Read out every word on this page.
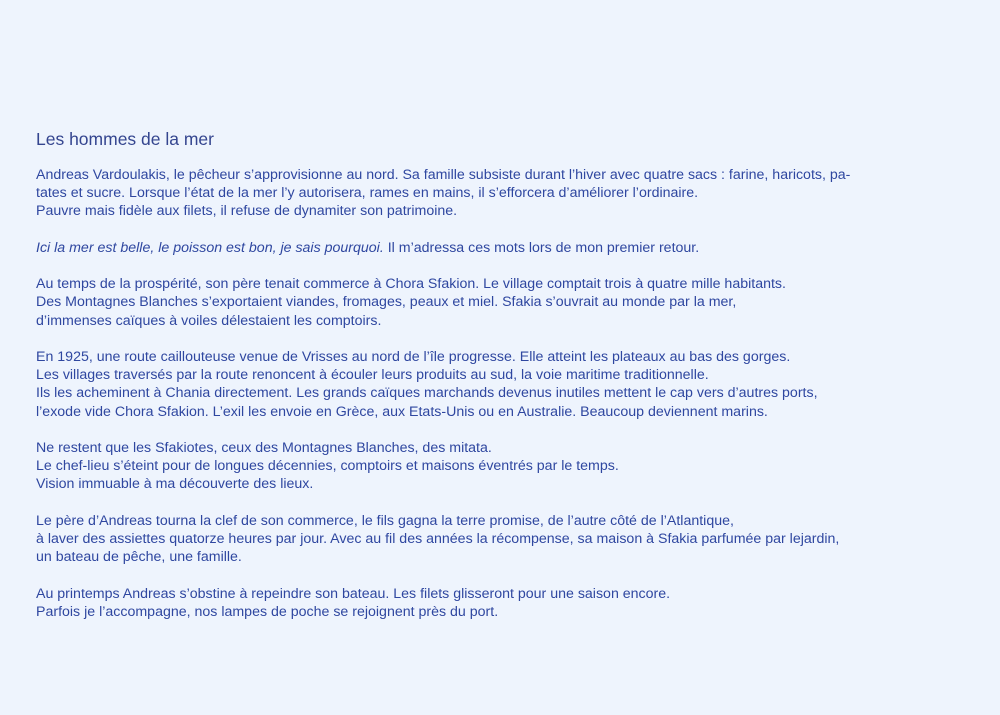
Les hommes de la mer

Andreas Vardoulakis, le pêcheur s’approvisionne au nord. Sa famille subsiste durant l’hiver avec quatre sacs : farine, haricots, pa-
tates et sucre. Lorsque l’état de la mer l’y autorisera, rames en mains, il s’efforcera d’améliorer l’ordinaire.
Pauvre mais fidèle aux filets, il refuse de dynamiter son patrimoine.

Ici la mer est belle, le poisson est bon, je sais pourquoi. Il m’adressa ces mots lors de mon premier retour.

Au temps de la prospérité, son père tenait commerce à Chora Sfakion. Le village comptait trois à quatre mille habitants.
Des Montagnes Blanches s’exportaient viandes, fromages, peaux et miel. Sfakia s’ouvrait au monde par la mer,
d’immenses caïques à voiles délestaient les comptoirs.

En 1925, une route caillouteuse venue de Vrisses au nord de l’île progresse. Elle atteint les plateaux au bas des gorges.
Les villages traversés par la route renoncent à écouler leurs produits au sud, la voie maritime traditionnelle.
Ils les acheminent à Chania directement. Les grands caïques marchands devenus inutiles mettent le cap vers d’autres ports,
l’exode vide Chora Sfakion. L’exil les envoie en Grèce, aux Etats-Unis ou en Australie. Beaucoup deviennent marins.

Ne restent que les Sfakiotes, ceux des Montagnes Blanches, des mitata.
Le chef-lieu s’éteint pour de longues décennies, comptoirs et maisons éventrés par le temps.
Vision immuable à ma découverte des lieux.

Le père d’Andreas tourna la clef de son commerce, le fils gagna la terre promise, de l’autre côté de l’Atlantique,
à laver des assiettes quatorze heures par jour. Avec au fil des années la récompense, sa maison à Sfakia parfumée par lejardin,
un bateau de pêche, une famille.

Au printemps Andreas s’obstine à repeindre son bateau. Les filets glisseront pour une saison encore.
Parfois je l’accompagne, nos lampes de poche se rejoignent près du port.
